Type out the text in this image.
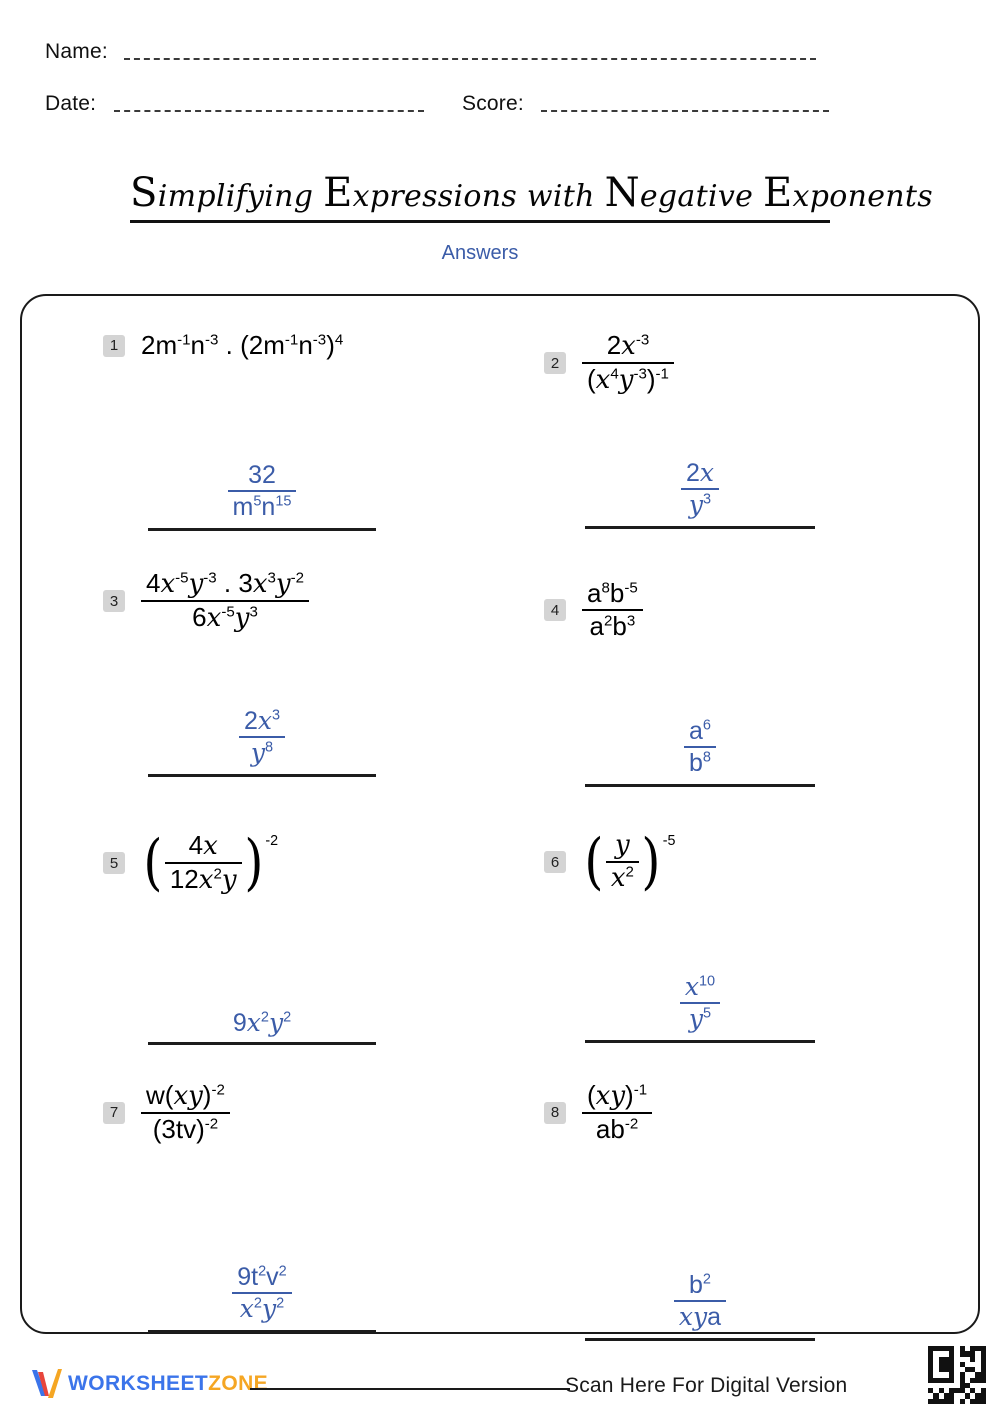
Name:
Date:	Score:
Simplifying Expressions with Negative Exponents
Answers
1 $2m^{-1}n^{-3}$ . $(2m^{-1}n^{-3})^4$
$\frac{32}{m^5n^{15}}$
$2 \frac{2x^{-3}}{(x^4y^{-3})^{-1}}$
$\frac{2x}{y^3}$
$3 \frac{4x^{-5}y^{-3} . 3x^3y^{-2}}{6x^{-5}y^3}$
$\frac{2x^3}{y^8}$
$4 \frac{a^8b^{-5}}{a^2b^3}$
$\frac{a^6}{b^8}$
5 ( $\frac{4x}{12x^2y}$ ) -2
$9x^2y^2$
6 ( $\frac{y}{x^2}$ ) -5
$\frac{x^{10}}{y^5}$
$7 \frac{w(xy)^{-2}}{(3tv)^{-2}}$
$\frac{9t^2v^2}{x^2y^2}$
$8 \frac{(xy)^{-1}}{ab^{-2}}$
$\frac{b^2}{\text{xya}}$
WORKSHEETZONE	Scan Here For Digital Version
